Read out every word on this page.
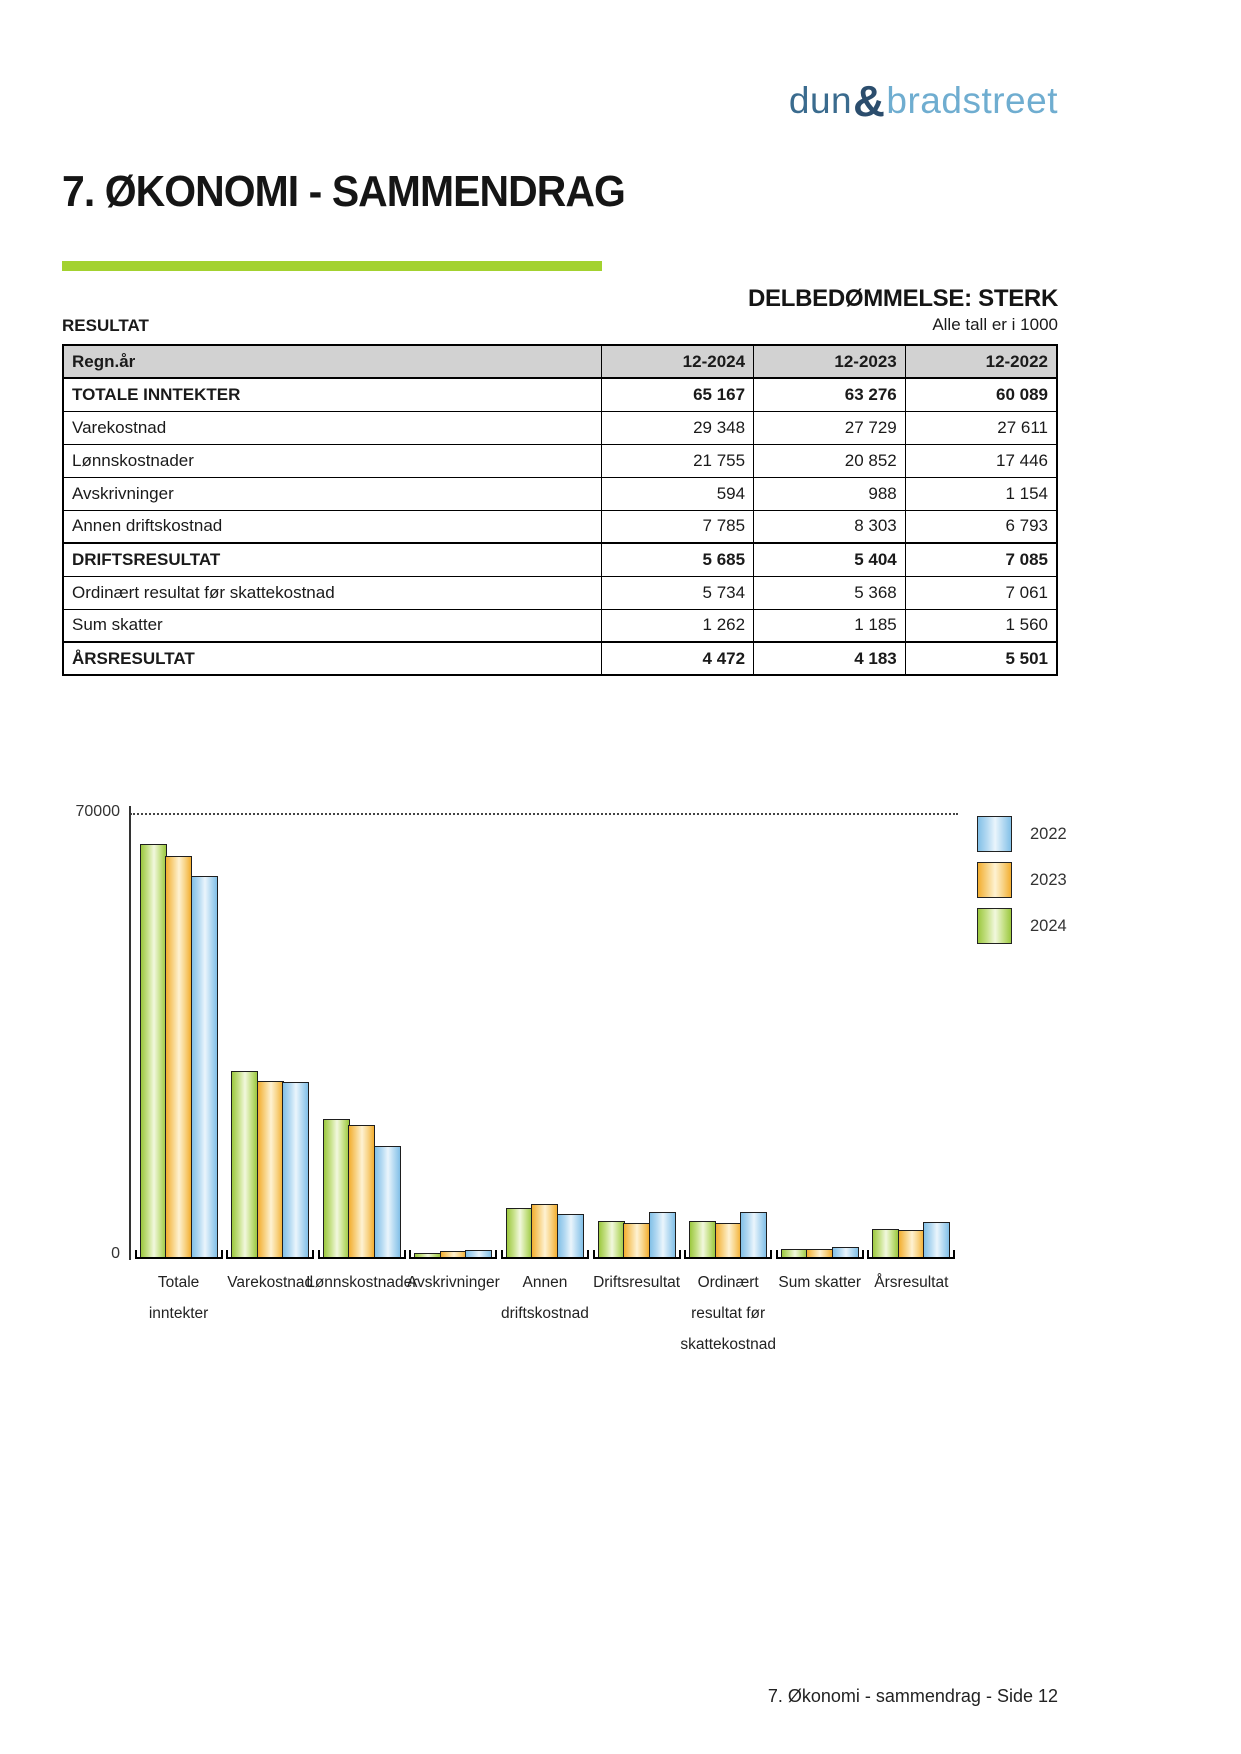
dun&bradstreet
7. ØKONOMI - SAMMENDRAG
DELBEDØMMELSE: STERK
RESULTAT	Alle tall er i 1000
Regn.år	12-2024	12-2023	12-2022
TOTALE INNTEKTER	65 167	63 276	60 089
Varekostnad	29 348	27 729	27 611
Lønnskostnader	21 755	20 852	17 446
Avskrivninger	594	988	1 154
Annen driftskostnad	7 785	8 303	6 793
DRIFTSRESULTAT	5 685	5 404	7 085
Ordinært resultat før skattekostnad	5 734	5 368	7 061
Sum skatter	1 262	1 185	1 560
ÅRSRESULTAT	4 472	4 183	5 501
70000
0
Totale
inntekter
Varekostnad
Lønnskostnader
Avskrivninger	Annen
driftskostnad
Driftsresultat	Ordinært
resultat før
skattekostnad
Sum skatter Årsresultat
2022
2023
2024
7. Økonomi - sammendrag - Side 12
